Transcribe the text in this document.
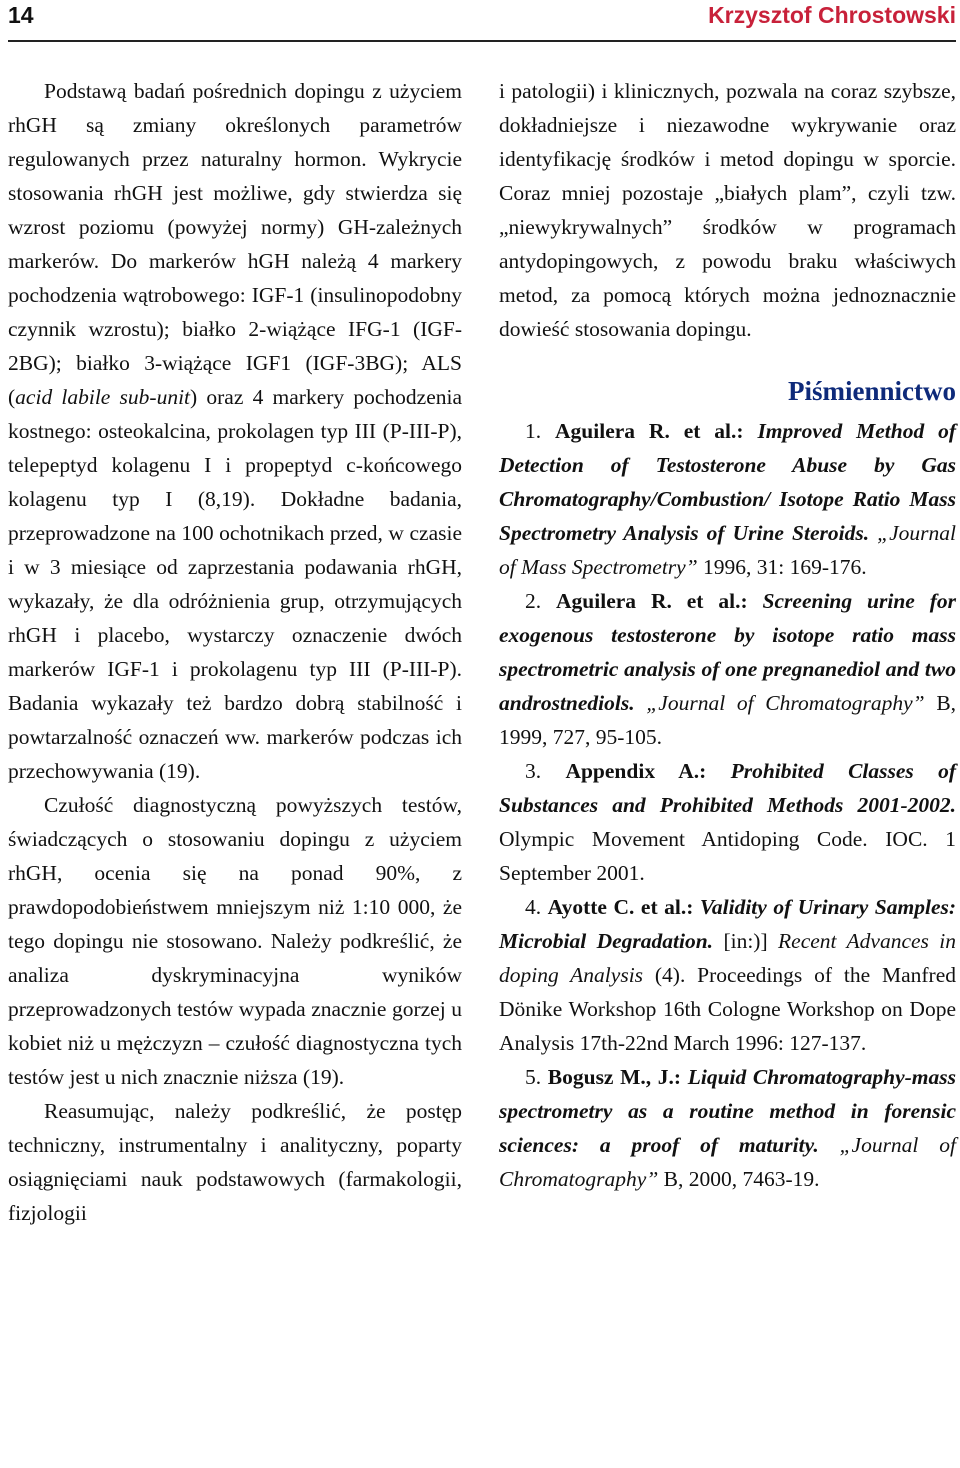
14	Krzysztof Chrostowski

Podstawą badań pośrednich dopingu z użyciem rhGH są zmiany określonych parametrów regulowanych przez naturalny hormon. Wykrycie stosowania rhGH jest możliwe, gdy stwierdza się wzrost poziomu (powyżej normy) GH-zależnych markerów. Do markerów hGH należą 4 markery pochodzenia wątrobowego: IGF-1 (insulinopodobny czynnik wzrostu); białko 2-wiążące IFG-1 (IGF-2BG); białko 3-wiążące IGF1 (IGF-3BG); ALS (acid labile sub-unit) oraz 4 markery pochodzenia kostnego: osteokalcina, prokolagen typ III (P-III-P), telepeptyd kolagenu I i propeptyd c-końcowego kolagenu typ I (8,19). Dokładne badania, przeprowadzone na 100 ochotnikach przed, w czasie i w 3 miesiące od zaprzestania podawania rhGH, wykazały, że dla odróżnienia grup, otrzymujących rhGH i placebo, wystarczy oznaczenie dwóch markerów IGF-1 i prokolagenu typ III (P-III-P). Badania wykazały też bardzo dobrą stabilność i powtarzalność oznaczeń ww. markerów podczas ich przechowywania (19).

Czułość diagnostyczną powyższych testów, świadczących o stosowaniu dopingu z użyciem rhGH, ocenia się na ponad 90%, z prawdopodobieństwem mniejszym niż 1:10 000, że tego dopingu nie stosowano. Należy podkreślić, że analiza dyskryminacyjna wyników przeprowadzonych testów wypada znacznie gorzej u kobiet niż u mężczyzn – czułość diagnostyczna tych testów jest u nich znacznie niższa (19).

Reasumując, należy podkreślić, że postęp techniczny, instrumentalny i analityczny, poparty osiągnięciami nauk podstawowych (farmakologii, fizjologii

i patologii) i klinicznych, pozwala na coraz szybsze, dokładniejsze i niezawodne wykrywanie oraz identyfikację środków i metod dopingu w sporcie. Coraz mniej pozostaje „białych plam”, czyli tzw. „niewykrywalnych” środków w programach antydopingowych, z powodu braku właściwych metod, za pomocą których można jednoznacznie dowieść stosowania dopingu.

Piśmiennictwo

1. Aguilera R. et al.: Improved Method of Detection of Testosterone Abuse by Gas Chromatography/Combustion/ Isotope Ratio Mass Spectrometry Analysis of Urine Steroids. „Journal of Mass Spectrometry” 1996, 31: 169-176.

2. Aguilera R. et al.: Screening urine for exogenous testosterone by isotope ratio mass spectrometric analysis of one pregnanediol and two androstnediols. „Journal of Chromatography” B, 1999, 727, 95-105.

3. Appendix A.: Prohibited Classes of Substances and Prohibited Methods 2001-2002. Olympic Movement Antidoping Code. IOC. 1 September 2001.

4. Ayotte C. et al.: Validity of Urinary Samples: Microbial Degradation. [in:)] Recent Advances in doping Analysis (4). Proceedings of the Manfred Dönike Workshop 16th Cologne Workshop on Dope Analysis 17th-22nd March 1996: 127-137.

5. Bogusz M., J.: Liquid Chromatography-mass spectrometry as a routine method in forensic sciences: a proof of maturity. „Journal of Chromatography” B, 2000, 7463-19.
